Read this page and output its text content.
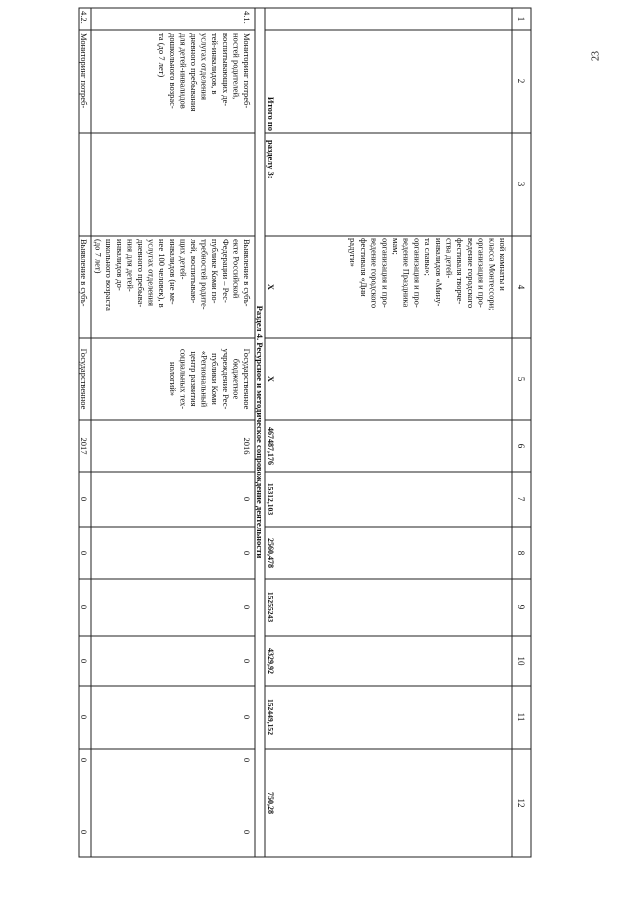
1
2
3
4
5
6
7
8
9
10
11
12
ной комнаты и
класса Монтессори;
организация и про-
ведение городского
фестиваля творче-
ства детей-
инвалидов «Мину-
та славы»;
организация и про-
ведение Праздника
мам;
организация и про-
ведение городского
фестиваля «Дни
радуги»
Итого по
разделу 3:
Х
Х
467487,176
15312,103
2560,478
15255243
4329,92
152449,152
750,28
Раздел 4. Ресурсное и методическое сопровождение деятельности
4.1.
Мониторинг потреб-
ностей родителей,
воспитывающих де-
тей-инвалидов, в
услугах отделения
дневного пребывания
для детей-инвалидов
дошкольного возрас-
та (до 7 лет)
Выявление в субъ-
екте Российской
Федерации – Рес-
публике Коми по-
требностей родите-
лей, воспитываю-
щих детей-
инвалидов (не ме-
нее 100 человек), в
услугах отделения
дневного пребыва-
ния для детей-
инвалидов до-
школьного возраста
(до 7 лет)
Государственное
бюджетное
учреждение Рес-
публики Коми
«Региональный
центр развития
социальных тех-
нологий»
2016
0
0
0
0
0
0
0
4.2.
Мониторинг потреб-
Выявление в субъ-
Государственное
2017
0
0
0
0
0
0
0
23
